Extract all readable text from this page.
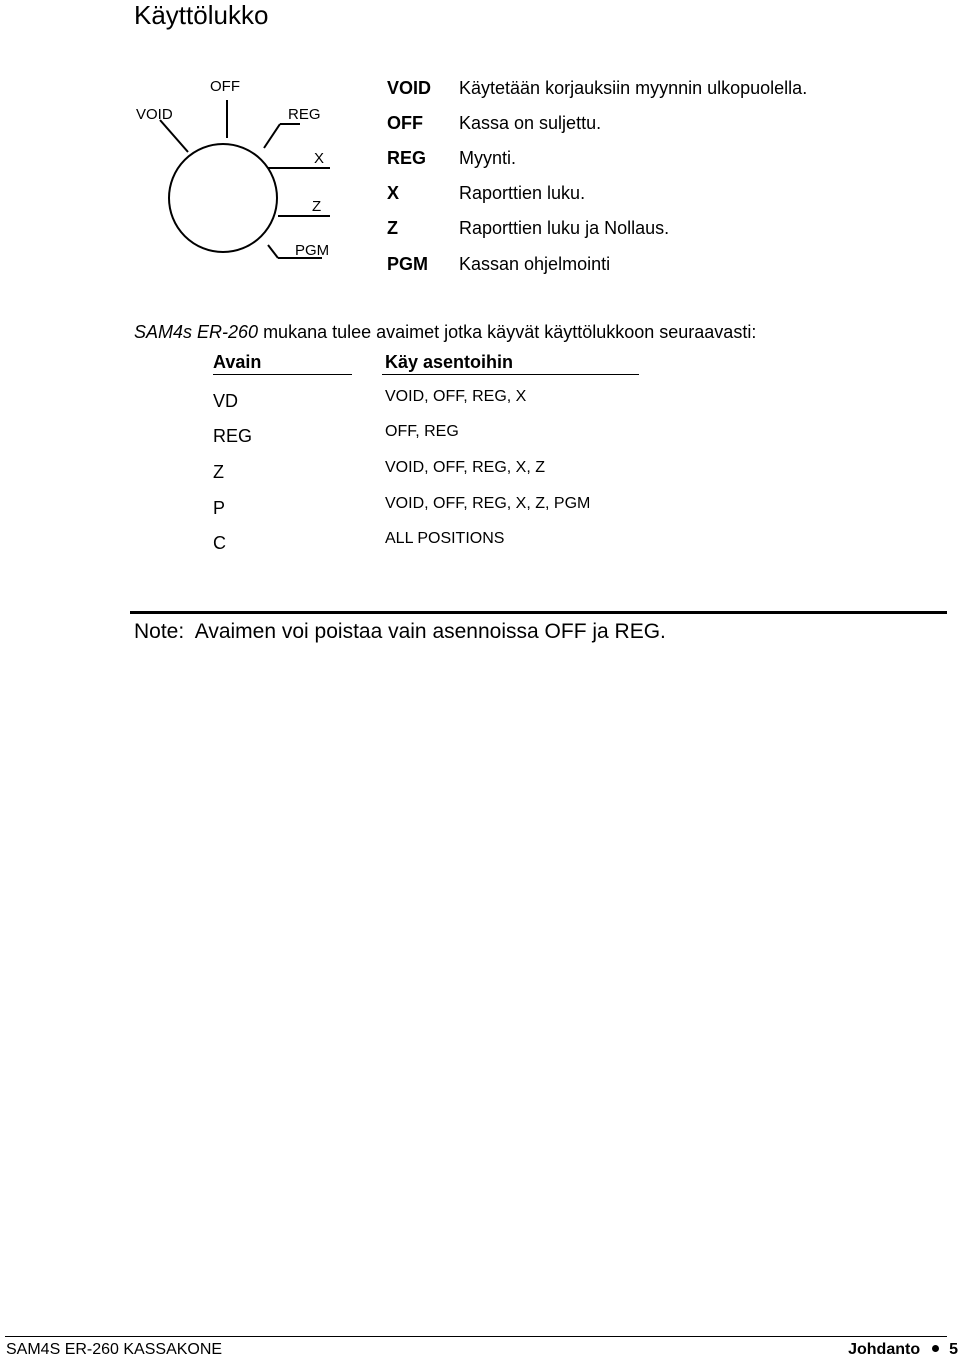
Käyttölukko
OFF
VOID	REG
X
Z
PGM
VOID Käytetään korjauksiin myynnin ulkopuolella.
OFF Kassa on suljettu.
REG Myynti.
X	Raporttien luku.
Z	Raporttien luku ja Nollaus.
PGM Kassan ohjelmointi
SAM4s ER-260 mukana tulee avaimet jotka käyvät käyttölukkoon seuraavasti:
Avain	Käy asentoihin
VD	VOID, OFF, REG, X
REG	OFF, REG
Z	VOID, OFF, REG, X, Z
P	VOID, OFF, REG, X, Z, PGM
C	ALL POSITIONS
Note:  Avaimen voi poistaa vain asennoissa OFF ja REG.
SAM4S ER-260 KASSAKONE	Johdanto 5
